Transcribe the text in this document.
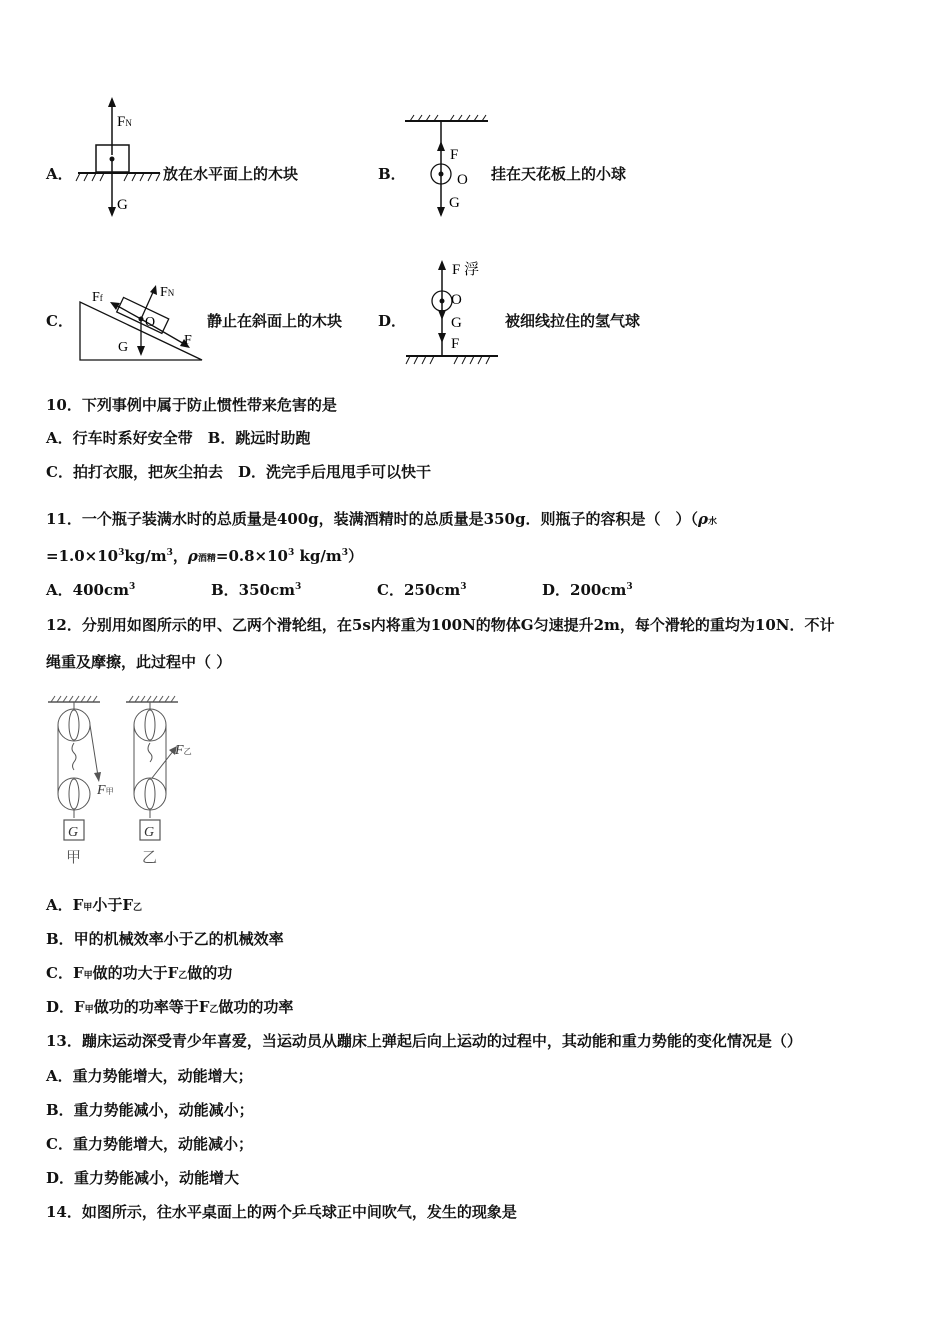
A．
FN
G
放在水平面上的木块	B．
F
O
G
挂在天花板上的小球
C．
Ff	FN
O
G	F
静止在斜面上的木块 D．
F 浮
O
G
F
被细线拉住的氢气球
10．下列事例中属于防止惯性带来危害的是
A．行车时系好安全带　B．跳远时助跑
C．拍打衣服，把灰尘拍去　D．洗完手后甩甩手可以快干
11．一个瓶子装满水时的总质量是400g，装满酒精时的总质量是350g．则瓶子的容积是（　）（ρ水
$=1.0\times 10^3kg/m^3$，ρ酒精$=0.8\times 10^3$ $kg/m^3$）
A．$400cm^3$	B．$350cm^3$	C．$250cm^3$	D．$200cm^3$
12．分别用如图所示的甲、乙两个滑轮组，在5s内将重为100N的物体G匀速提升2m，每个滑轮的重均为10N．不计
绳重及摩擦，此过程中（ ）
F甲
F乙
G	G
甲	乙
A．F甲小于F乙
B．甲的机械效率小于乙的机械效率
C．F甲做的功大于F乙做的功
D．F甲做功的功率等于F乙做功的功率
13．蹦床运动深受青少年喜爱，当运动员从蹦床上弹起后向上运动的过程中，其动能和重力势能的变化情况是（）
A．重力势能增大，动能增大；
B．重力势能减小，动能减小；
C．重力势能增大，动能减小；
D．重力势能减小，动能增大
14．如图所示，往水平桌面上的两个乒乓球正中间吹气，发生的现象是
